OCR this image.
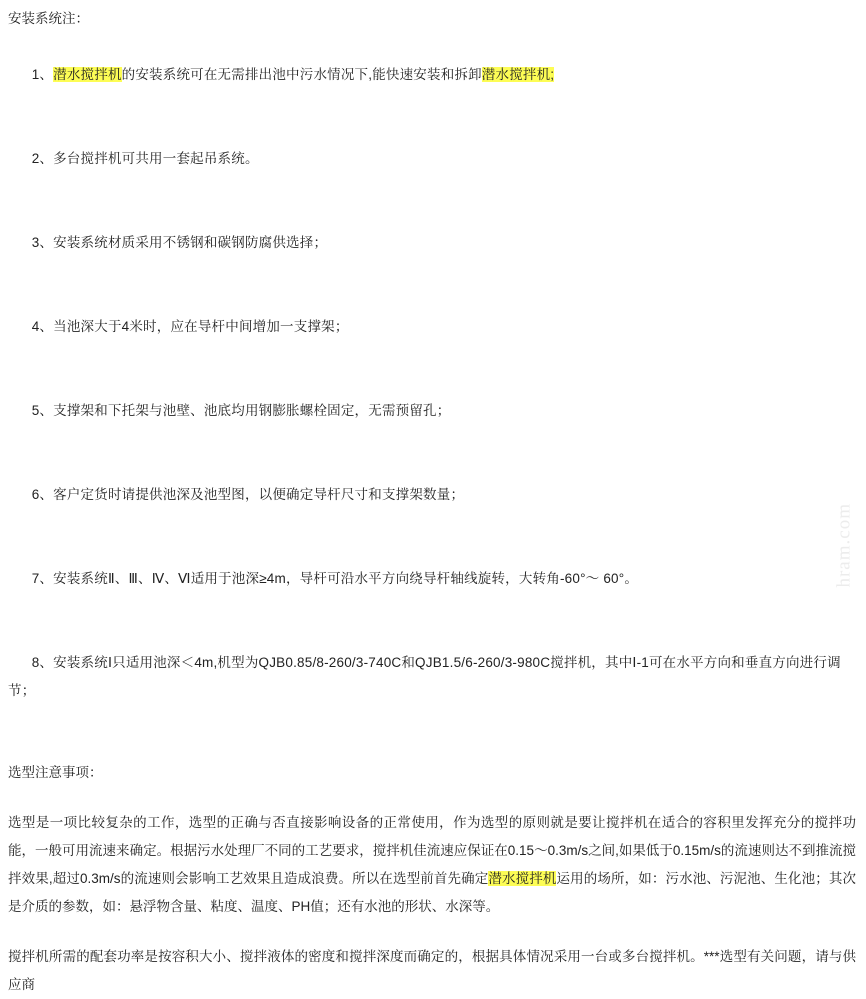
安装系统注：

1、潜水搅拌机的安装系统可在无需排出池中污水情况下,能快速安装和拆卸潜水搅拌机;

2、多台搅拌机可共用一套起吊系统。

3、安装系统材质采用不锈钢和碳钢防腐供选择；

4、当池深大于4米时，应在导杆中间增加一支撑架；

5、支撑架和下托架与池壁、池底均用钢膨胀螺栓固定，无需预留孔；

6、客户定货时请提供池深及池型图，以便确定导杆尺寸和支撑架数量；

7、安装系统Ⅱ、Ⅲ、Ⅳ、Ⅵ适用于池深≥4m，导杆可沿水平方向绕导杆轴线旋转，大转角-60°～ 60°。

8、安装系统Ⅰ只适用池深＜4m,机型为QJB0.85/8-260/3-740C和QJB1.5/6-260/3-980C搅拌机，其中Ⅰ-1可在水平方向和垂直方向进行调节；

选型注意事项：

选型是一项比较复杂的工作，选型的正确与否直接影响设备的正常使用，作为选型的原则就是要让搅拌机在适合的容积里发挥充分的搅拌功能，一般可用流速来确定。根据污水处理厂不同的工艺要求，搅拌机佳流速应保证在0.15～0.3m/s之间,如果低于0.15m/s的流速则达不到推流搅拌效果,超过0.3m/s的流速则会影响工艺效果且造成浪费。所以在选型前首先确定潜水搅拌机运用的场所，如：污水池、污泥池、生化池；其次是介质的参数，如：悬浮物含量、粘度、温度、PH值；还有水池的形状、水深等。

搅拌机所需的配套功率是按容积大小、搅拌液体的密度和搅拌深度而确定的，根据具体情况采用一台或多台搅拌机。***选型有关问题，请与供应商

hram.com
